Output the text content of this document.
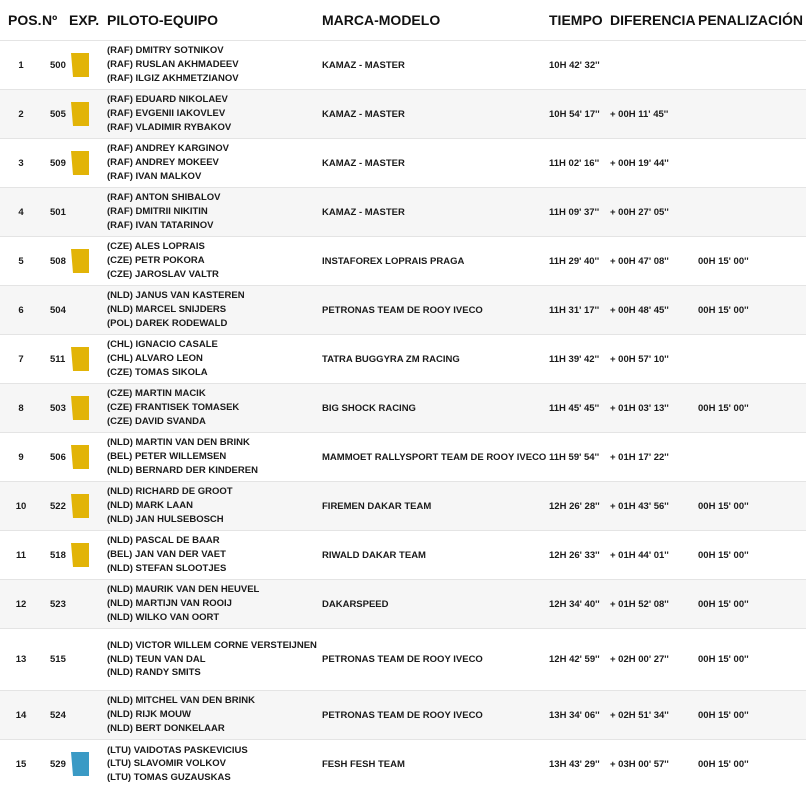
POS.	Nº	EXP.	PILOTO-EQUIPO	MARCA-MODELO	TIEMPO	DIFERENCIA	PENALIZACIÓN
1	500		(RAF) DMITRY SOTNIKOV
(RAF) RUSLAN AKHMADEEV
(RAF) ILGIZ AKHMETZIANOV	KAMAZ - MASTER	10H 42' 32''		
2	505		(RAF) EDUARD NIKOLAEV
(RAF) EVGENII IAKOVLEV
(RAF) VLADIMIR RYBAKOV	KAMAZ - MASTER	10H 54' 17''	+ 00H 11' 45''	
3	509		(RAF) ANDREY KARGINOV
(RAF) ANDREY MOKEEV
(RAF) IVAN MALKOV	KAMAZ - MASTER	11H 02' 16''	+ 00H 19' 44''	
4	501		(RAF) ANTON SHIBALOV
(RAF) DMITRII NIKITIN
(RAF) IVAN TATARINOV	KAMAZ - MASTER	11H 09' 37''	+ 00H 27' 05''	
5	508		(CZE) ALES LOPRAIS
(CZE) PETR POKORA
(CZE) JAROSLAV VALTR	INSTAFOREX LOPRAIS PRAGA	11H 29' 40''	+ 00H 47' 08''	00H 15' 00''
6	504		(NLD) JANUS VAN KASTEREN
(NLD) MARCEL SNIJDERS
(POL) DAREK RODEWALD	PETRONAS TEAM DE ROOY IVECO	11H 31' 17''	+ 00H 48' 45''	00H 15' 00''
7	511		(CHL) IGNACIO CASALE
(CHL) ALVARO LEON
(CZE) TOMAS SIKOLA	TATRA BUGGYRA ZM RACING	11H 39' 42''	+ 00H 57' 10''	
8	503		(CZE) MARTIN MACIK
(CZE) FRANTISEK TOMASEK
(CZE) DAVID SVANDA	BIG SHOCK RACING	11H 45' 45''	+ 01H 03' 13''	00H 15' 00''
9	506		(NLD) MARTIN VAN DEN BRINK
(BEL) PETER WILLEMSEN
(NLD) BERNARD DER KINDEREN	MAMMOET RALLYSPORT TEAM DE ROOY IVECO	11H 59' 54''	+ 01H 17' 22''	
10	522		(NLD) RICHARD DE GROOT
(NLD) MARK LAAN
(NLD) JAN HULSEBOSCH	FIREMEN DAKAR TEAM	12H 26' 28''	+ 01H 43' 56''	00H 15' 00''
11	518		(NLD) PASCAL DE BAAR
(BEL) JAN VAN DER VAET
(NLD) STEFAN SLOOTJES	RIWALD DAKAR TEAM	12H 26' 33''	+ 01H 44' 01''	00H 15' 00''
12	523		(NLD) MAURIK VAN DEN HEUVEL
(NLD) MARTIJN VAN ROOIJ
(NLD) WILKO VAN OORT	DAKARSPEED	12H 34' 40''	+ 01H 52' 08''	00H 15' 00''
13	515		(NLD) VICTOR WILLEM CORNE VERSTEIJNEN
(NLD) TEUN VAN DAL
(NLD) RANDY SMITS	PETRONAS TEAM DE ROOY IVECO	12H 42' 59''	+ 02H 00' 27''	00H 15' 00''
14	524		(NLD) MITCHEL VAN DEN BRINK
(NLD) RIJK MOUW
(NLD) BERT DONKELAAR	PETRONAS TEAM DE ROOY IVECO	13H 34' 06''	+ 02H 51' 34''	00H 15' 00''
15	529		(LTU) VAIDOTAS PASKEVICIUS
(LTU) SLAVOMIR VOLKOV
(LTU) TOMAS GUZAUSKAS	FESH FESH TEAM	13H 43' 29''	+ 03H 00' 57''	00H 15' 00''
